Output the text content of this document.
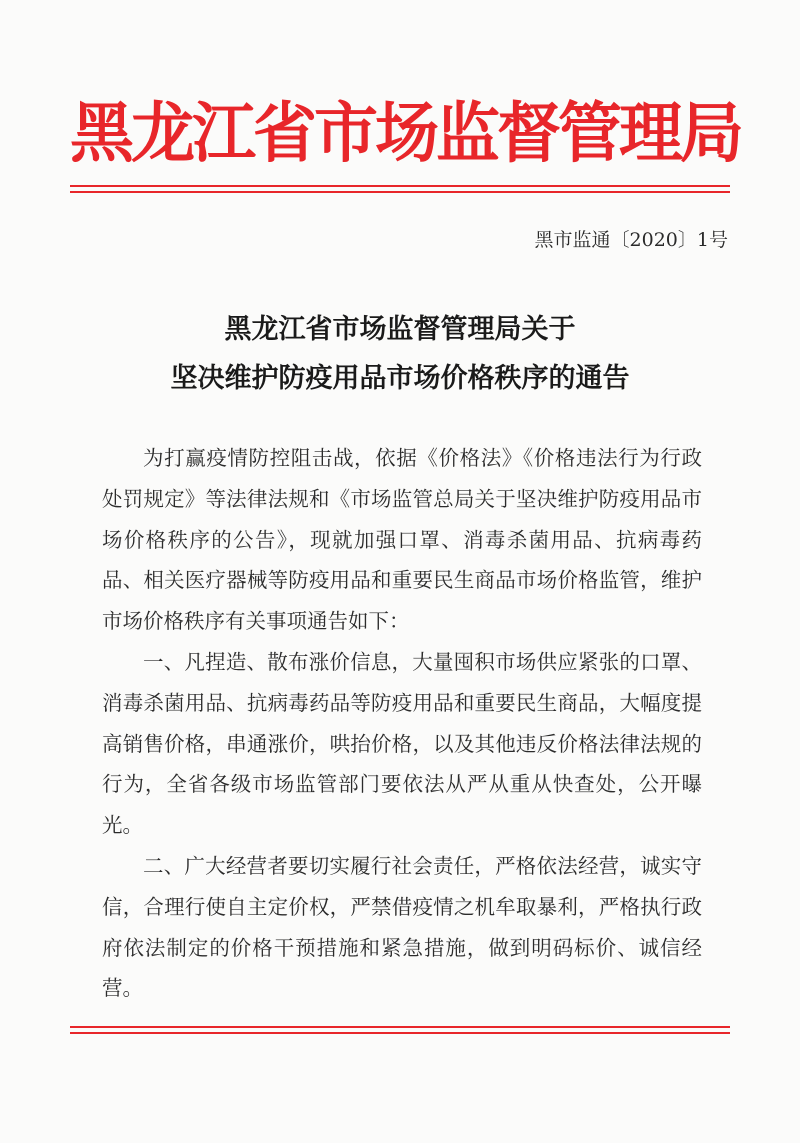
黑龙江省市场监督管理局
黑市监通〔2020〕1号
黑龙江省市场监督管理局关于
坚决维护防疫用品市场价格秩序的通告

为打赢疫情防控阻击战，依据《价格法》《价格违法行为行政处罚规定》等法律法规和《市场监管总局关于坚决维护防疫用品市场价格秩序的公告》，现就加强口罩、消毒杀菌用品、抗病毒药品、相关医疗器械等防疫用品和重要民生商品市场价格监管，维护市场价格秩序有关事项通告如下：

一、凡捏造、散布涨价信息，大量囤积市场供应紧张的口罩、消毒杀菌用品、抗病毒药品等防疫用品和重要民生商品，大幅度提高销售价格，串通涨价，哄抬价格，以及其他违反价格法律法规的行为，全省各级市场监管部门要依法从严从重从快查处，公开曝光。

二、广大经营者要切实履行社会责任，严格依法经营，诚实守信，合理行使自主定价权，严禁借疫情之机牟取暴利，严格执行政府依法制定的价格干预措施和紧急措施，做到明码标价、诚信经营。
